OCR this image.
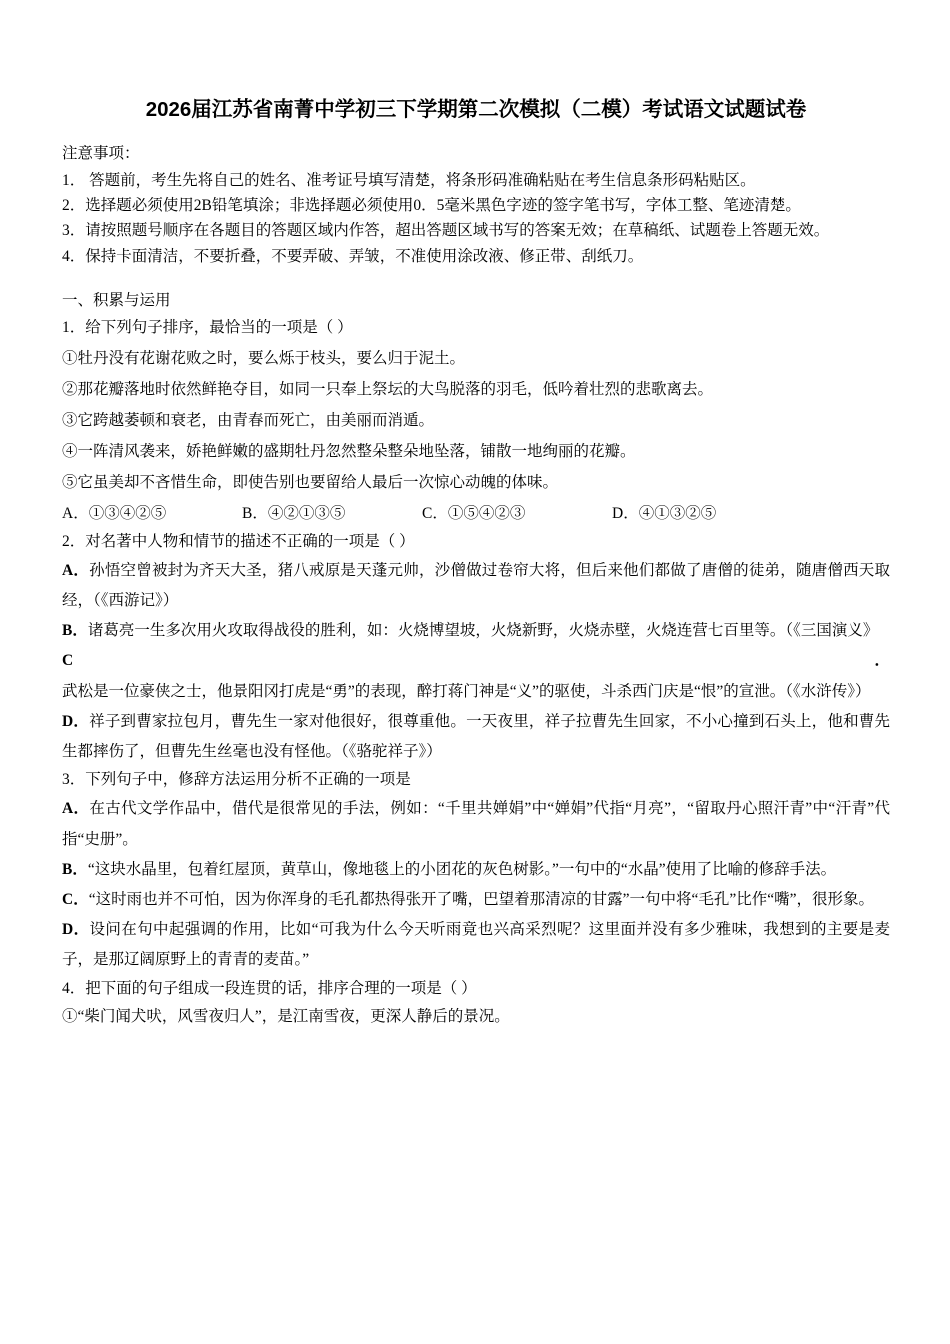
2026届江苏省南菁中学初三下学期第二次模拟（二模）考试语文试题试卷
注意事项：
1． 答题前，考生先将自己的姓名、准考证号填写清楚，将条形码准确粘贴在考生信息条形码粘贴区。
2．选择题必须使用2B铅笔填涂；非选择题必须使用0．5毫米黑色字迹的签字笔书写，字体工整、笔迹清楚。
3．请按照题号顺序在各题目的答题区域内作答，超出答题区域书写的答案无效；在草稿纸、试题卷上答题无效。
4．保持卡面清洁，不要折叠，不要弄破、弄皱，不准使用涂改液、修正带、刮纸刀。
一、积累与运用
1．给下列句子排序，最恰当的一项是（ ）
①牡丹没有花谢花败之时，要么烁于枝头，要么归于泥土。
②那花瓣落地时依然鲜艳夺目，如同一只奉上祭坛的大鸟脱落的羽毛，低吟着壮烈的悲歌离去。
③它跨越萎顿和衰老，由青春而死亡，由美丽而消遁。
④一阵清风袭来，娇艳鲜嫩的盛期牡丹忽然整朵整朵地坠落，铺散一地绚丽的花瓣。
⑤它虽美却不吝惜生命，即使告别也要留给人最后一次惊心动魄的体味。
A．①③④②⑤	B．④②①③⑤	C．①⑤④②③	D．④①③②⑤
2．对名著中人物和情节的描述不正确的一项是（ ）
A．孙悟空曾被封为齐天大圣，猪八戒原是天蓬元帅，沙僧做过卷帘大将，但后来他们都做了唐僧的徒弟，随唐僧西天取经，（《西游记》）
B．诸葛亮一生多次用火攻取得战役的胜利，如：火烧博望坡，火烧新野，火烧赤壁，火烧连营七百里等。（《三国演义》
C．武松是一位豪侠之士，他景阳冈打虎是“勇”的表现，醉打蒋门神是“义”的驱使，斗杀西门庆是“恨”的宣泄。（《水浒传》）
D．祥子到曹家拉包月，曹先生一家对他很好，很尊重他。一天夜里，祥子拉曹先生回家，不小心撞到石头上，他和曹先生都摔伤了，但曹先生丝毫也没有怪他。（《骆驼祥子》）
3．下列句子中，修辞方法运用分析不正确的一项是
A．在古代文学作品中，借代是很常见的手法，例如：“千里共婵娟”中“婵娟”代指“月亮”，“留取丹心照汗青”中“汗青”代指“史册”。
B．“这块水晶里，包着红屋顶，黄草山，像地毯上的小团花的灰色树影。”一句中的“水晶”使用了比喻的修辞手法。
C．“这时雨也并不可怕，因为你浑身的毛孔都热得张开了嘴，巴望着那清凉的甘露”一句中将“毛孔”比作“嘴”，很形象。
D．设问在句中起强调的作用，比如“可我为什么今天听雨竟也兴高采烈呢？这里面并没有多少雅味，我想到的主要是麦子，是那辽阔原野上的青青的麦苗。”
4．把下面的句子组成一段连贯的话，排序合理的一项是（ ）
①“柴门闻犬吠，风雪夜归人”，是江南雪夜，更深人静后的景况。
